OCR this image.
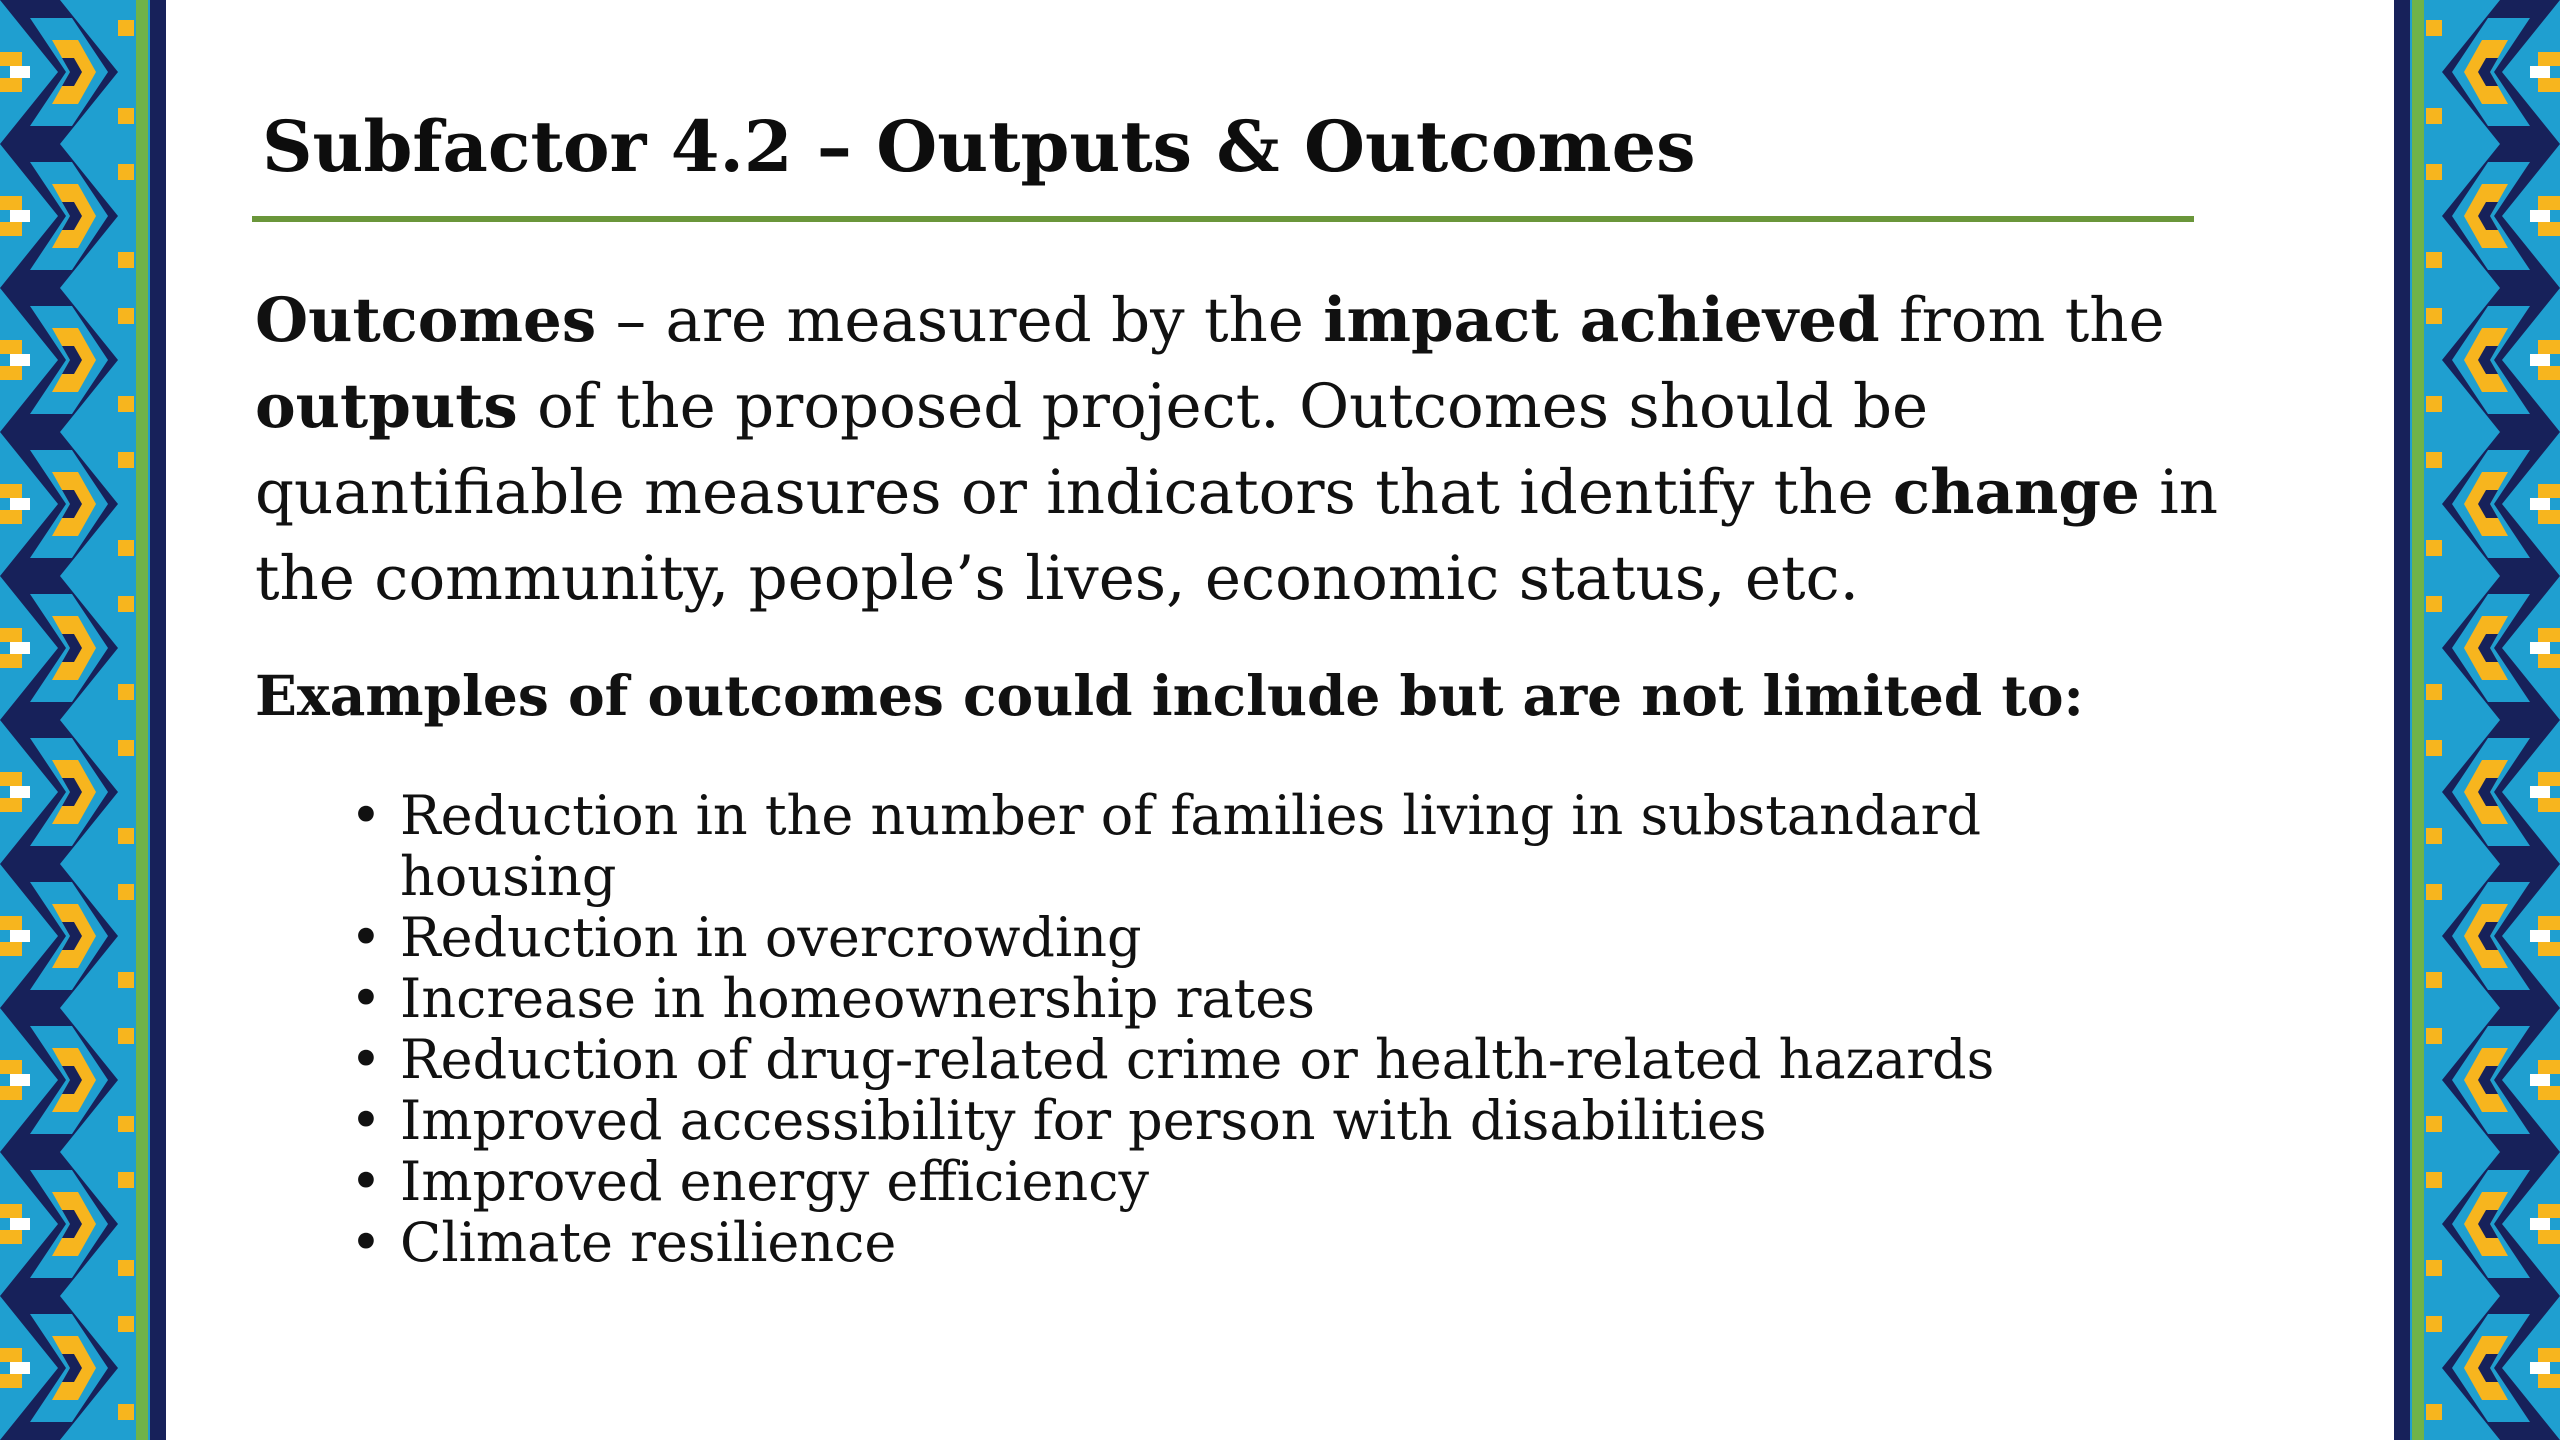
Subfactor 4.2 – Outputs & Outcomes
Outcomes – are measured by the impact achieved from the
outputs of the proposed project. Outcomes should be
quantifiable measures or indicators that identify the change in
the community, people’s lives, economic status, etc.
Examples of outcomes could include but are not limited to:
• Reduction in the number of families living in substandard
housing
• Reduction in overcrowding
• Increase in homeownership rates
• Reduction of drug-related crime or health-related hazards
• Improved accessibility for person with disabilities
• Improved energy efficiency
• Climate resilience
